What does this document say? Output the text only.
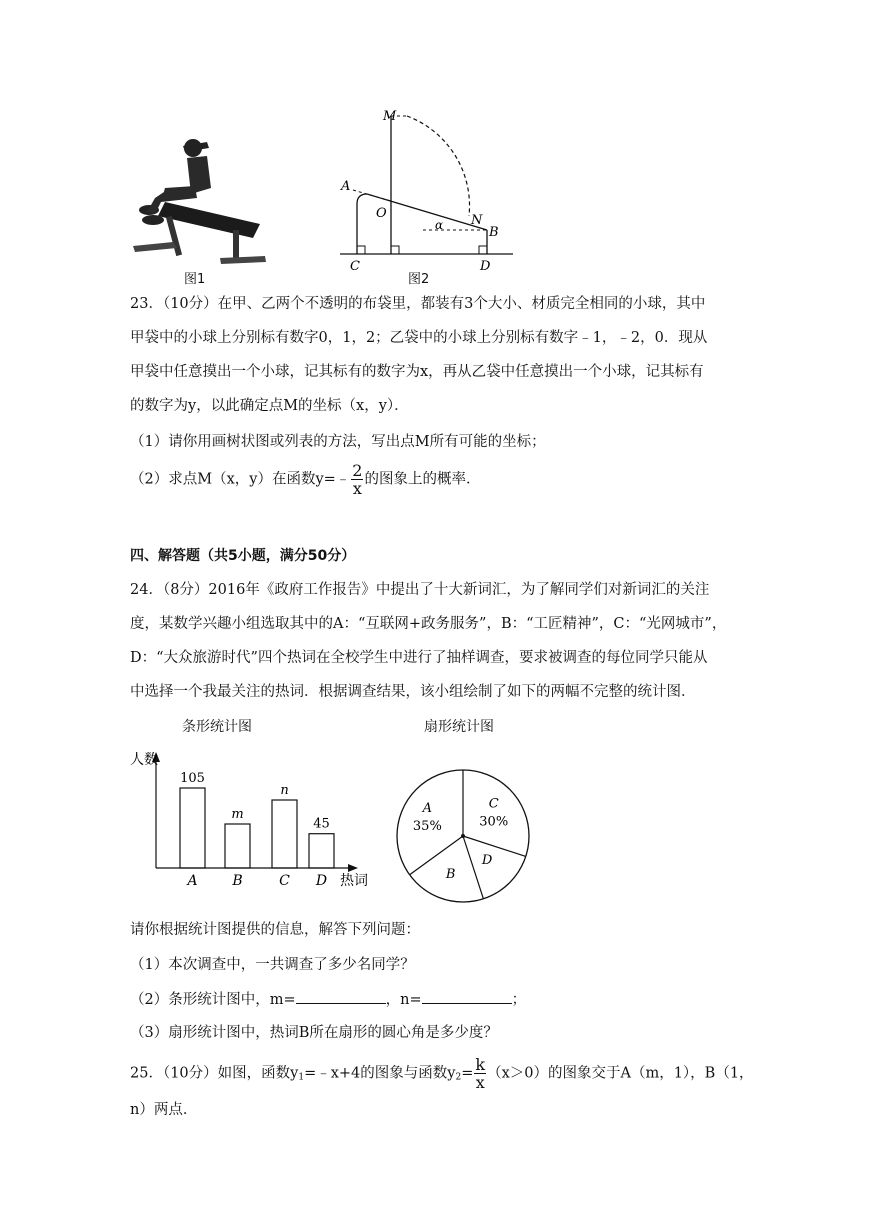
图1
M
A
O	N
α	B
C	D
图2
23．（10分）在甲、乙两个不透明的布袋里，都装有3个大小、材质完全相同的小球，其中
甲袋中的小球上分别标有数字0，1，2；乙袋中的小球上分别标有数字﹣1，﹣2，0．现从
甲袋中任意摸出一个小球，记其标有的数字为x，再从乙袋中任意摸出一个小球，记其标有
的数字为y，以此确定点M的坐标（x，y）．
（1）请你用画树状图或列表的方法，写出点M所有可能的坐标；
（2）求点M（x，y）在函数y=﹣ $\frac{2}{x}$ 的图象上的概率．
四、解答题（共5小题，满分50分）
24．（8分）2016年《政府工作报告》中提出了十大新词汇，为了解同学们对新词汇的关注
度，某数学兴趣小组选取其中的A：“互联网+政务服务”，B：“工匠精神”，C：“光网城市”，
D：“大众旅游时代”四个热词在全校学生中进行了抽样调查，要求被调查的每位同学只能从
中选择一个我最关注的热词．根据调查结果，该小组绘制了如下的两幅不完整的统计图．
条形统计图
人数
热词
105
A
m
B
n
C
45
D
扇形统计图
A
35%
C
30%
D
B
请你根据统计图提供的信息，解答下列问题：
（1）本次调查中，一共调查了多少名同学？
（2）条形统计图中，m=	，n=	；
（3）扇形统计图中，热词B所在扇形的圆心角是多少度？
25．（10分）如图，函数$y_1=﹣x+4$的图象与函数$y_2= \frac{k}{x} (x>0)$的图象交于A（m，1），B（1，
n）两点．
